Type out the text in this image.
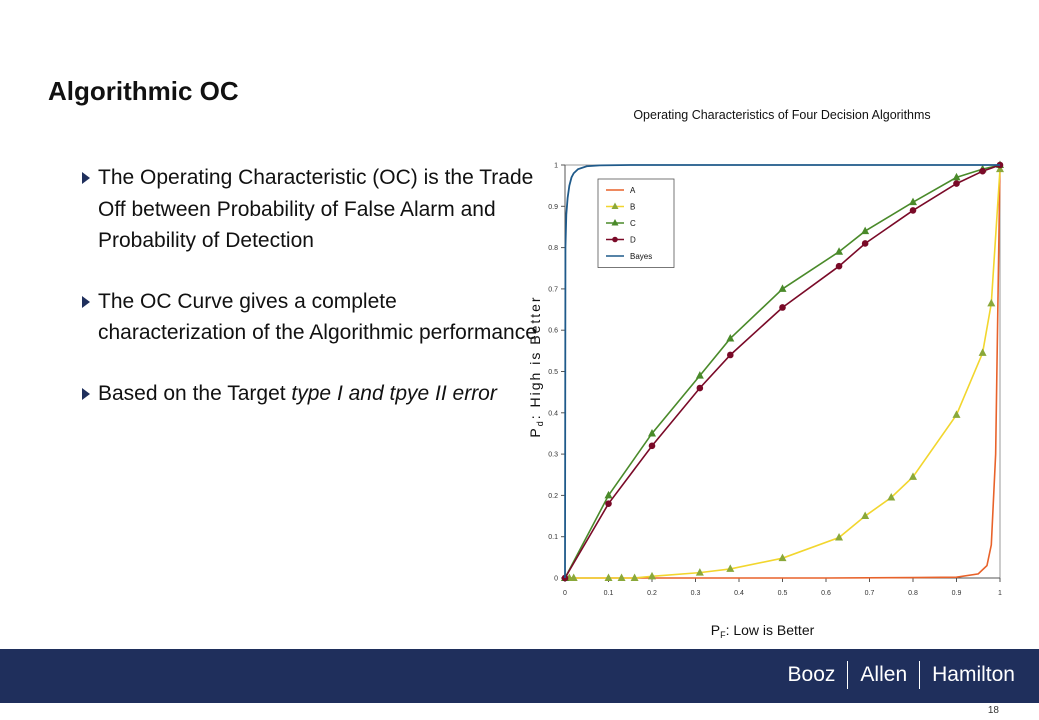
Algorithmic OC
The Operating Characteristic (OC) is the Trade Off between Probability of False Alarm and Probability of Detection
The OC Curve gives a complete characterization of the Algorithmic performance
Based on the Target type I and tpye II error
Operating Characteristics of Four Decision Algorithms
0	0.1	0.2	0.3	0.4	0.5	0.6	0.7	0.8	0.9	1
0
0.1
0.2
0.3
0.4
0.5
0.6
0.7
0.8
0.9
1
$P_F$: Low is Better
$P_d$: High is Better
A
B
C
D
Bayes
Booz Allen Hamilton
18
